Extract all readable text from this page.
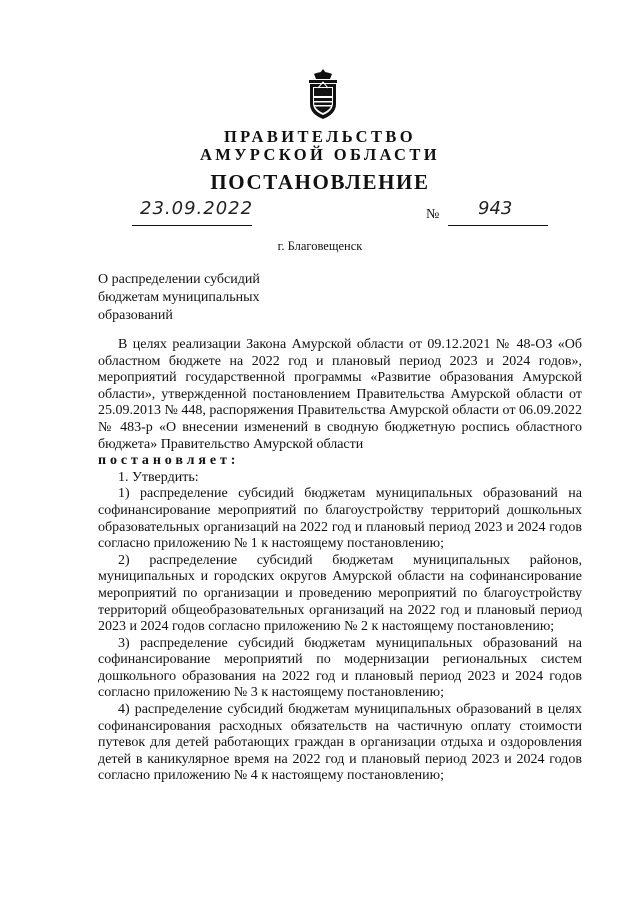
ПРАВИТЕЛЬСТВО
АМУРСКОЙ ОБЛАСТИ
ПОСТАНОВЛЕНИЕ
23.09.2022	№ 943
г. Благовещенск
О распределении субсидий
бюджетам муниципальных
образований

В целях реализации Закона Амурской области от 09.12.2021 № 48-ОЗ «Об областном бюджете на 2022 год и плановый период 2023 и 2024 годов», мероприятий государственной программы «Развитие образования Амурской области», утвержденной постановлением Правительства Амурской области от 25.09.2013 № 448, распоряжения Правительства Амурской области от 06.09.2022 № 483-р «О внесении изменений в сводную бюджетную роспись областного бюджета» Правительство Амурской области

постановляет:

1. Утвердить:

1) распределение субсидий бюджетам муниципальных образований на софинансирование мероприятий по благоустройству территорий дошкольных образовательных организаций на 2022 год и плановый период 2023 и 2024 годов согласно приложению № 1 к настоящему постановлению;

2) распределение субсидий бюджетам муниципальных районов, муниципальных и городских округов Амурской области на софинансирование мероприятий по организации и проведению мероприятий по благоустройству территорий общеобразовательных организаций на 2022 год и плановый период 2023 и 2024 годов согласно приложению № 2 к настоящему постановлению;

3) распределение субсидий бюджетам муниципальных образований на софинансирование мероприятий по модернизации региональных систем дошкольного образования на 2022 год и плановый период 2023 и 2024 годов согласно приложению № 3 к настоящему постановлению;

4) распределение субсидий бюджетам муниципальных образований в целях софинансирования расходных обязательств на частичную оплату стоимости путевок для детей работающих граждан в организации отдыха и оздоровления детей в каникулярное время на 2022 год и плановый период 2023 и 2024 годов согласно приложению № 4 к настоящему постановлению;
